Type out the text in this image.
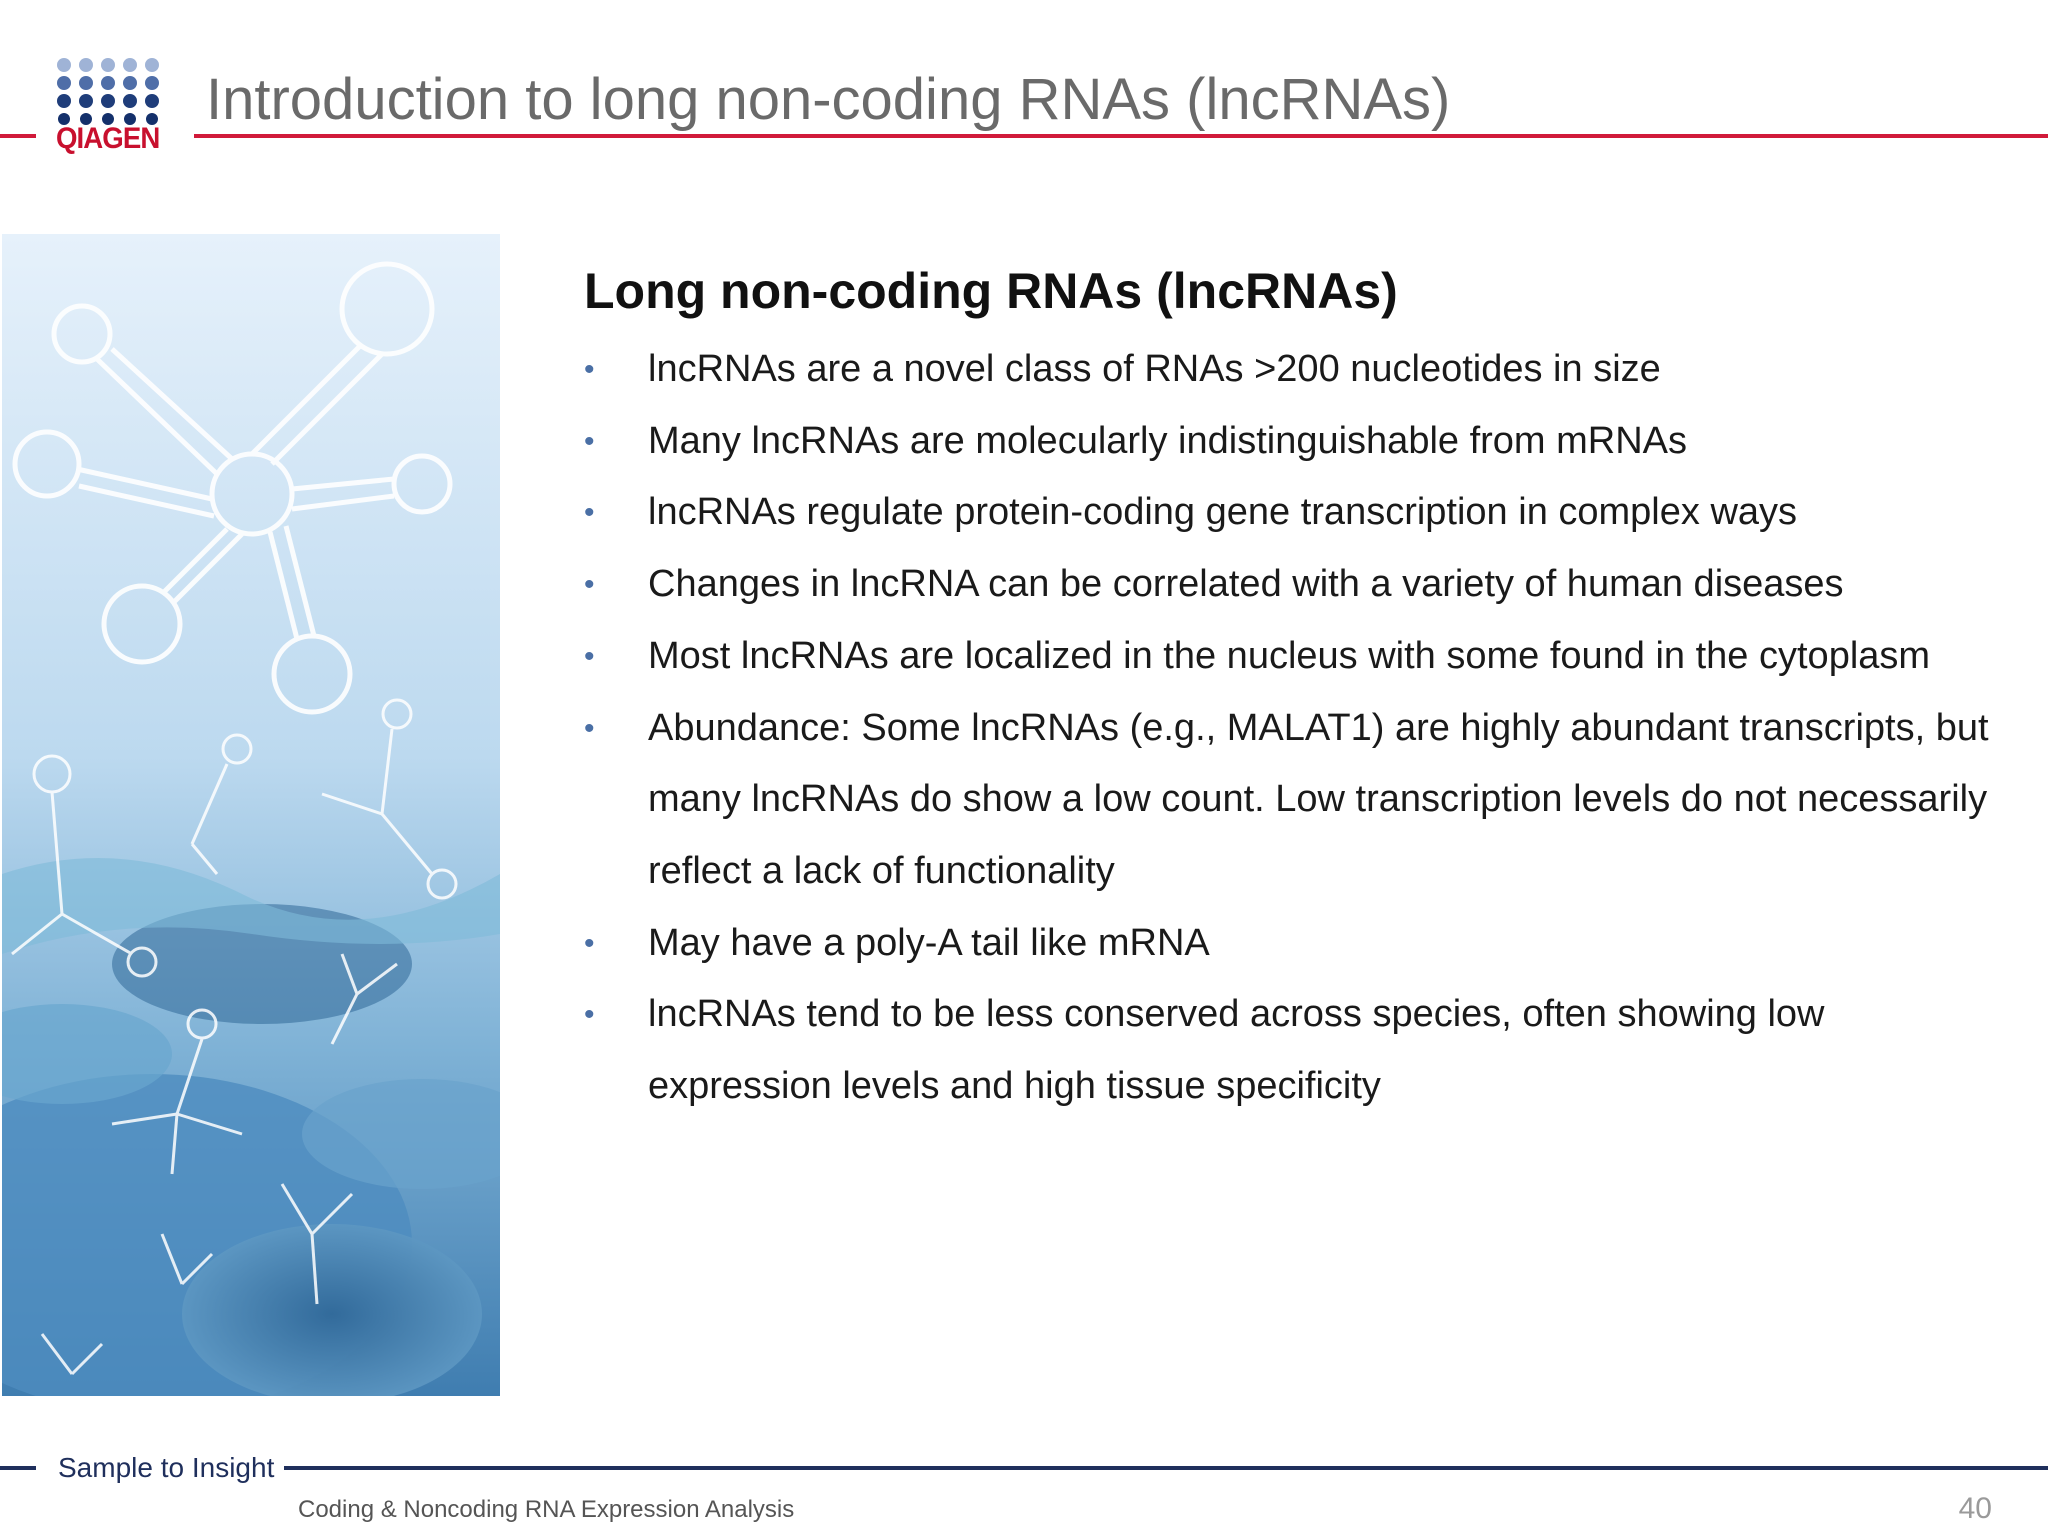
QIAGEN
Introduction to long non-coding RNAs (lncRNAs)
Long non-coding RNAs (lncRNAs)
• lncRNAs are a novel class of RNAs >200 nucleotides in size
• Many lncRNAs are molecularly indistinguishable from mRNAs
• lncRNAs regulate protein-coding gene transcription in complex ways
• Changes in lncRNA can be correlated with a variety of human diseases
• Most lncRNAs are localized in the nucleus with some found in the cytoplasm
• Abundance: Some lncRNAs (e.g., MALAT1) are highly abundant transcripts, but many lncRNAs do show a low count. Low transcription levels do not necessarily reflect a lack of functionality
• May have a poly-A tail like mRNA
• lncRNAs tend to be less conserved across species, often showing low expression levels and high tissue specificity
Sample to Insight
Coding & Noncoding RNA Expression Analysis	40
